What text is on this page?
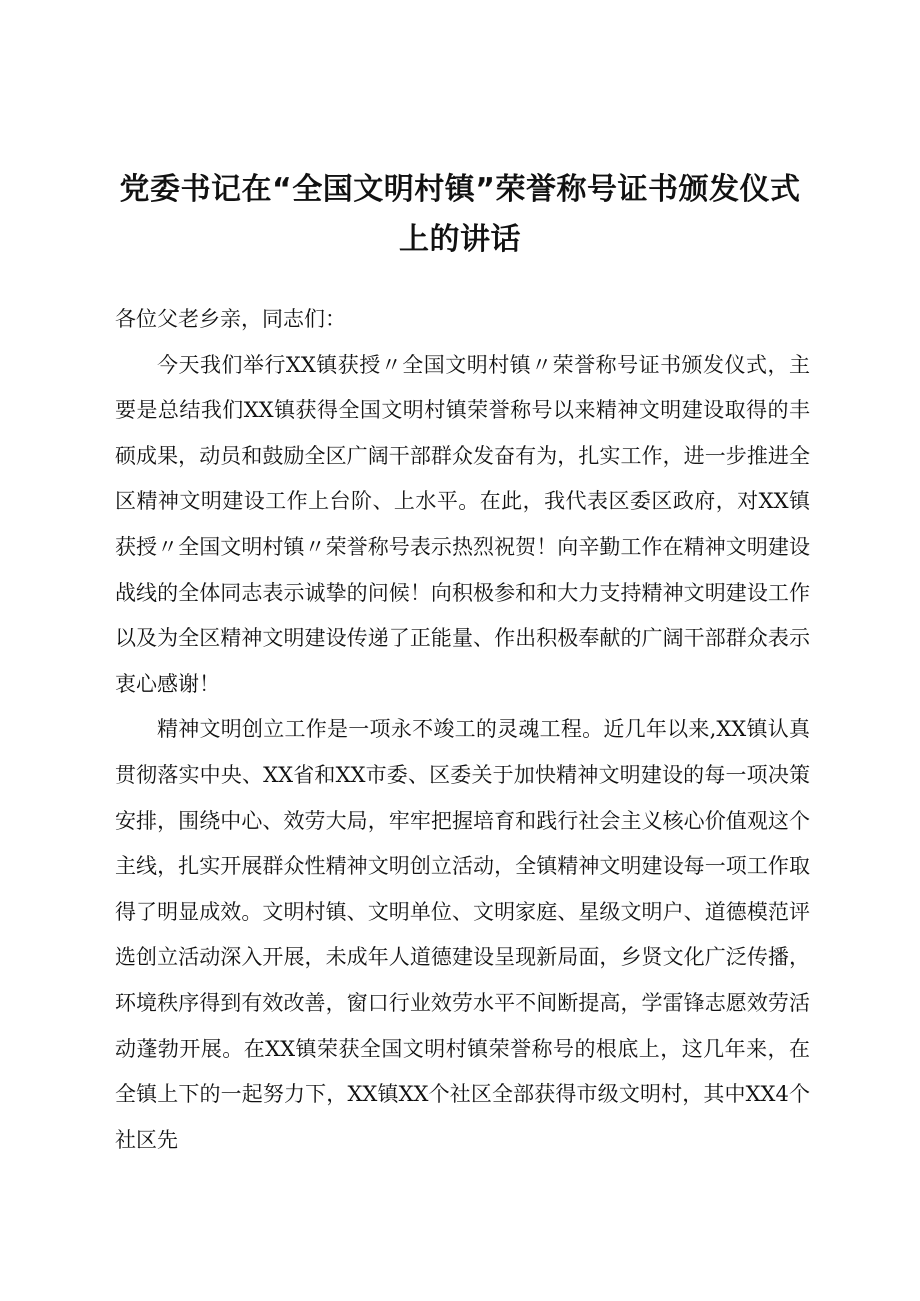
党委书记在“全国文明村镇”荣誉称号证书颁发仪式
上的讲话

各位父老乡亲，同志们：

今天我们举行XX镇获授〃全国文明村镇〃荣誉称号证书颁发仪式，主要是总结我们XX镇获得全国文明村镇荣誉称号以来精神文明建设取得的丰硕成果，动员和鼓励全区广阔干部群众发奋有为，扎实工作，进一步推进全区精神文明建设工作上台阶、上水平。在此，我代表区委区政府，对XX镇获授〃全国文明村镇〃荣誉称号表示热烈祝贺！向辛勤工作在精神文明建设战线的全体同志表示诚挚的问候！向积极参和和大力支持精神文明建设工作以及为全区精神文明建设传递了正能量、作出积极奉献的广阔干部群众表示衷心感谢！

精神文明创立工作是一项永不竣工的灵魂工程。近几年以来,XX镇认真贯彻落实中央、XX省和XX市委、区委关于加快精神文明建设的每一项决策安排，围绕中心、效劳大局，牢牢把握培育和践行社会主义核心价值观这个主线，扎实开展群众性精神文明创立活动，全镇精神文明建设每一项工作取得了明显成效。文明村镇、文明单位、文明家庭、星级文明户、道德模范评选创立活动深入开展，未成年人道德建设呈现新局面，乡贤文化广泛传播，环境秩序得到有效改善，窗口行业效劳水平不间断提高，学雷锋志愿效劳活动蓬勃开展。在XX镇荣获全国文明村镇荣誉称号的根底上，这几年来，在全镇上下的一起努力下，XX镇XX个社区全部获得市级文明村，其中XX4个社区先
